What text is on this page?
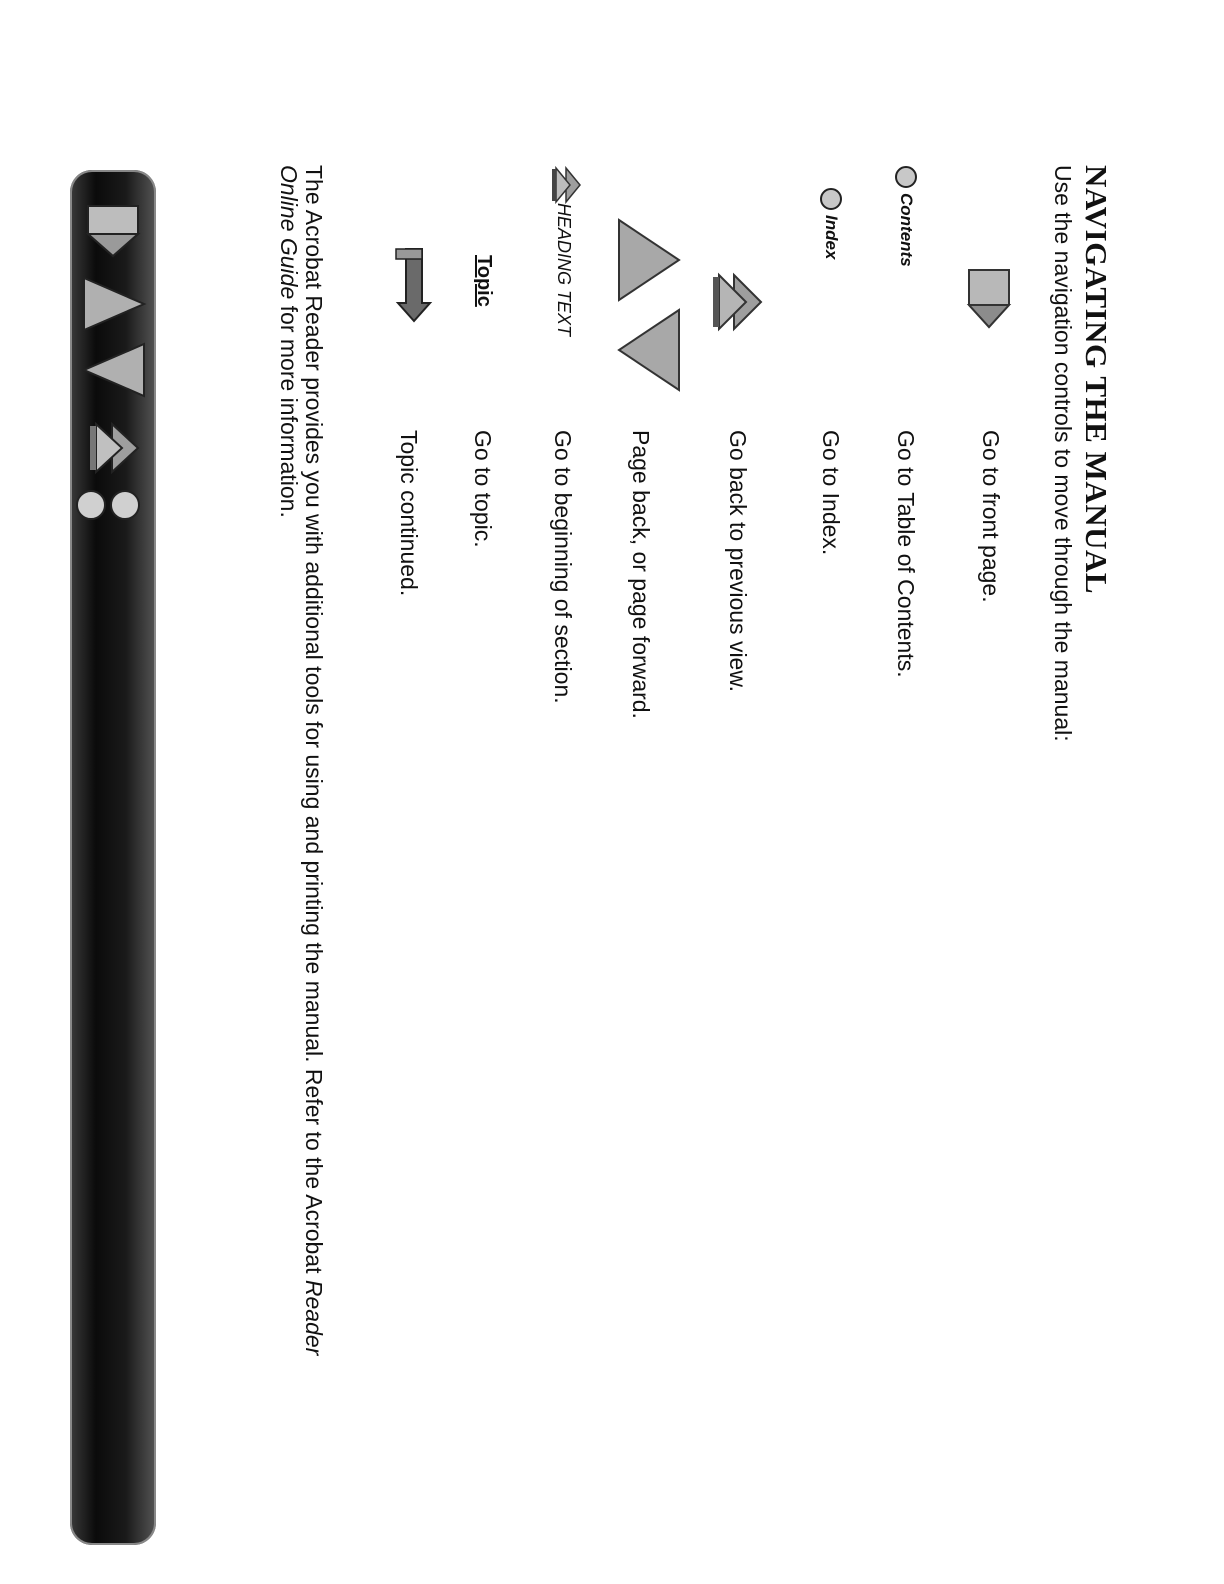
NAVIGATING THE MANUAL
Use the navigation controls to move through the manual:
Go to front page.
Contents
Go to Table of Contents.
Index
Go to Index.
Go back to previous view.
Page back, or page forward.
HEADING TEXT
Go to beginning of section.
Topic
Go to topic.
Topic continued.
The Acrobat Reader provides you with additional tools for using and printing the manual. Refer to the Acrobat Reader Online Guide for more information.
